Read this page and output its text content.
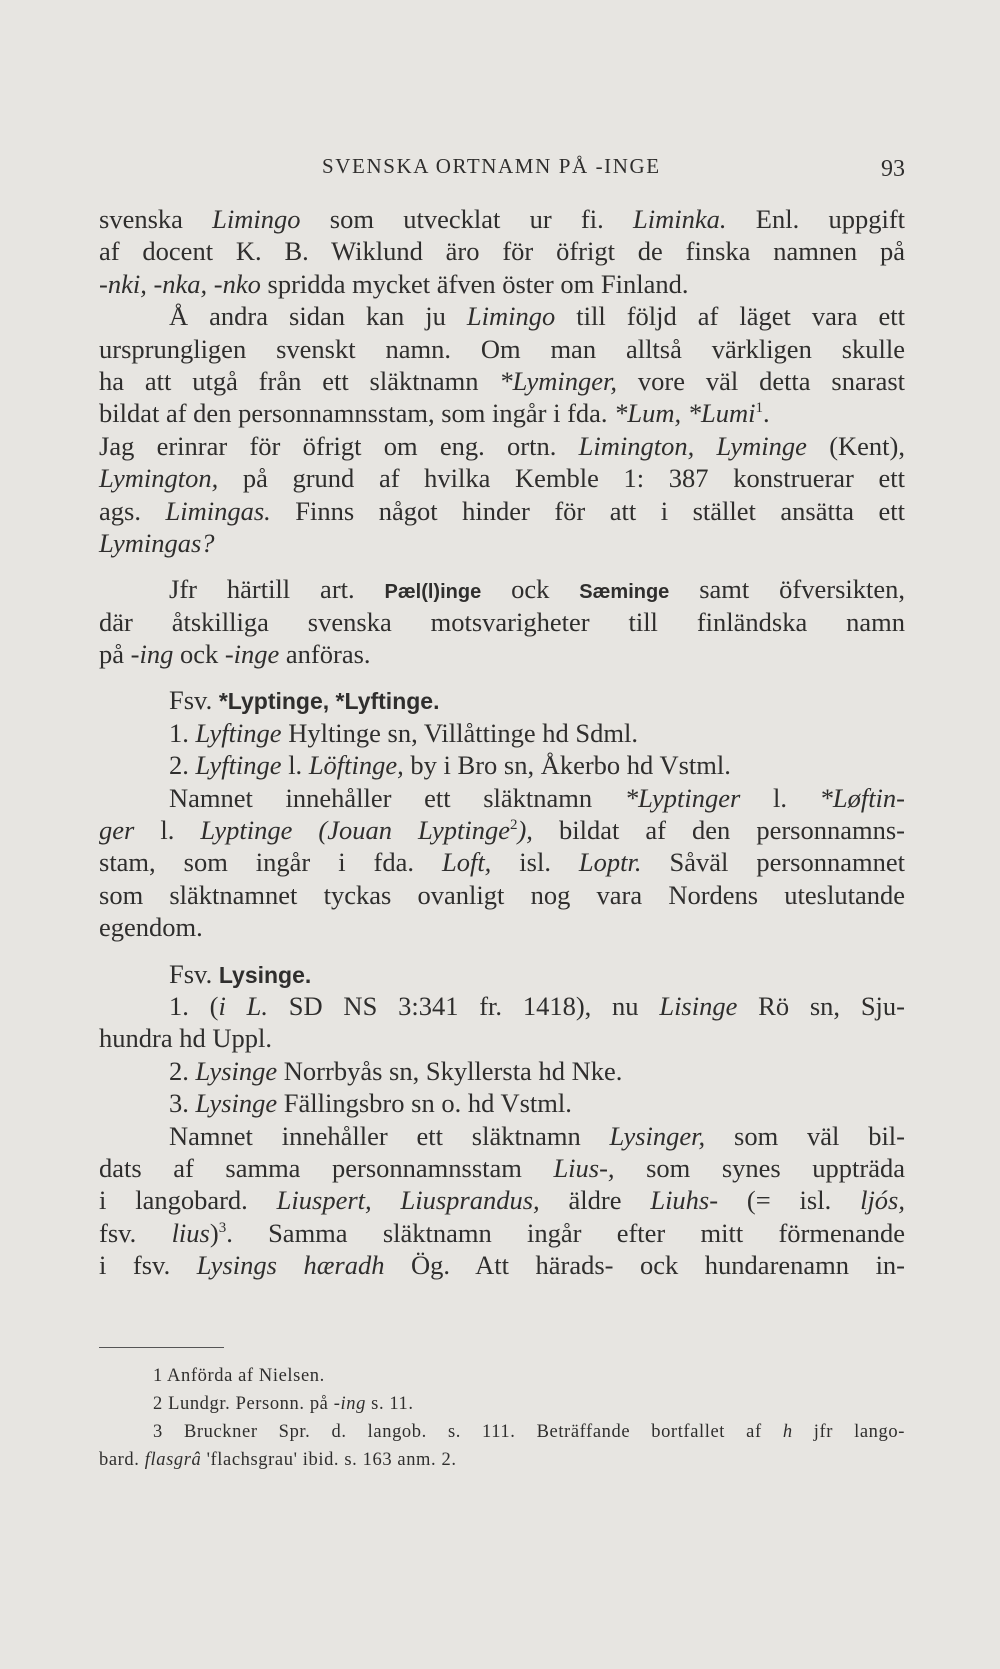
SVENSKA ORTNAMN PÅ -INGE	93
svenska Limingo som utvecklat ur fi. Liminka. Enl. uppgift
af docent K. B. Wiklund äro för öfrigt de finska namnen på
-nki, -nka, -nko spridda mycket äfven öster om Finland.
Å andra sidan kan ju Limingo till följd af läget vara ett
ursprungligen svenskt namn. Om man alltså värkligen skulle
ha att utgå från ett släktnamn *Lyminger, vore väl detta snarast
bildat af den personnamnsstam, som ingår i fda. *Lum, *Lumi$^1$.
Jag erinrar för öfrigt om eng. ortn. Limington, Lyminge (Kent),
Lymington, på grund af hvilka Kemble 1: 387 konstruerar ett
ags. Limingas. Finns något hinder för att i stället ansätta ett
Lymingas?
Jfr härtill art. Pæl(l)inge ock Sæminge samt öfversikten,
där åtskilliga svenska motsvarigheter till finländska namn
på -ing ock -inge anföras.
Fsv. *Lyptinge, *Lyftinge.
1. Lyftinge Hyltinge sn, Villåttinge hd Sdml.
2. Lyftinge l. Löftinge, by i Bro sn, Åkerbo hd Vstml.
Namnet innehåller ett släktnamn *Lyptinger l. *Løftin-
ger l. Lyptinge (Jouan Lyptinge$^2$), bildat af den personnamns-
stam, som ingår i fda. Loft, isl. Loptr. Såväl personnamnet
som släktnamnet tyckas ovanligt nog vara Nordens uteslutande
egendom.
Fsv. Lysinge.
1. (i L. SD NS 3:341 fr. 1418), nu Lisinge Rö sn, Sju-
hundra hd Uppl.
2. Lysinge Norrbyås sn, Skyllersta hd Nke.
3. Lysinge Fällingsbro sn o. hd Vstml.
Namnet innehåller ett släktnamn Lysinger, som väl bil-
dats af samma personnamnsstam Lius-, som synes uppträda
i langobard. Liuspert, Liusprandus, äldre Liuhs- (= isl. ljós,
fsv. lius)$^3$. Samma släktnamn ingår efter mitt förmenande
i fsv. Lysings hæradh Ög. Att härads- ock hundarenamn in-
1 Anförda af Nielsen.
2 Lundgr. Personn. på -ing s. 11.
3 Bruckner Spr. d. langob. s. 111. Beträffande bortfallet af h jfr lango-
bard. flasgrâ 'flachsgrau' ibid. s. 163 anm. 2.
